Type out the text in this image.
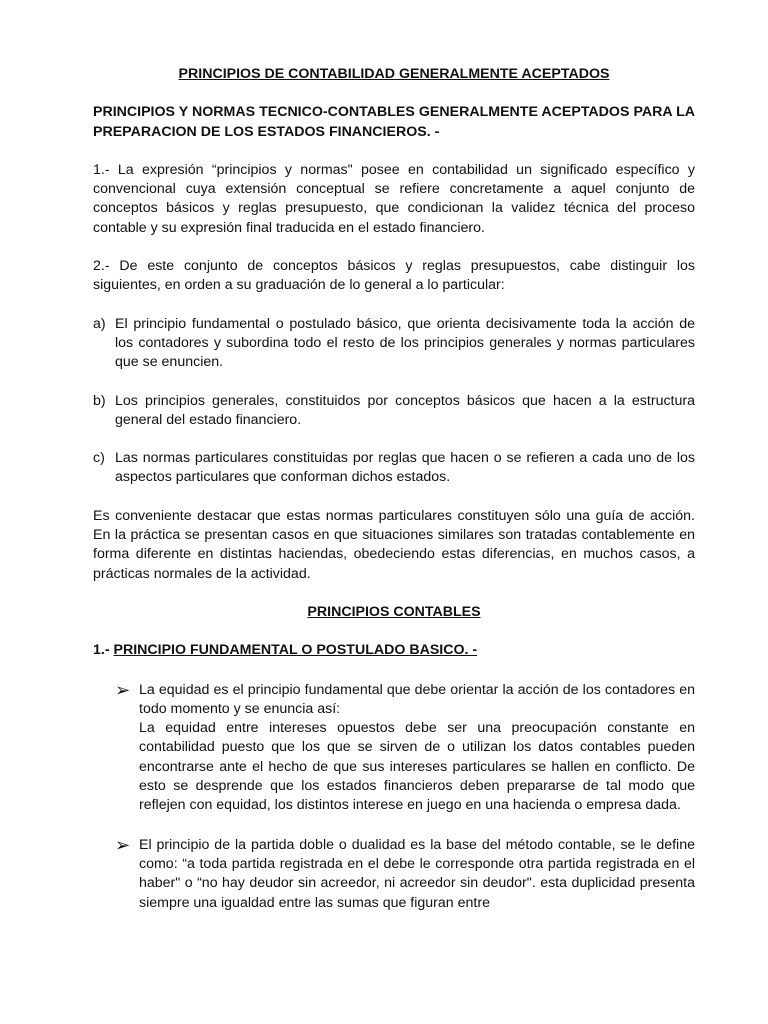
PRINCIPIOS DE CONTABILIDAD GENERALMENTE ACEPTADOS

PRINCIPIOS Y NORMAS TECNICO-CONTABLES GENERALMENTE ACEPTADOS PARA LA PREPARACION DE LOS ESTADOS FINANCIEROS. -

1.- La expresión “principios y normas" posee en contabilidad un significado específico y convencional cuya extensión conceptual se refiere concretamente a aquel conjunto de conceptos básicos y reglas presupuesto, que condicionan la validez técnica del proceso contable y su expresión final traducida en el estado financiero.

2.- De este conjunto de conceptos básicos y reglas presupuestos, cabe distinguir los siguientes, en orden a su graduación de lo general a lo particular:

a) El principio fundamental o postulado básico, que orienta decisivamente toda la acción de los contadores y subordina todo el resto de los principios generales y normas particulares que se enuncien.
b) Los principios generales, constituidos por conceptos básicos que hacen a la estructura general del estado financiero.
c) Las normas particulares constituidas por reglas que hacen o se refieren a cada uno de los aspectos particulares que conforman dichos estados.

Es conveniente destacar que estas normas particulares constituyen sólo una guía de acción. En la práctica se presentan casos en que situaciones similares son tratadas contablemente en forma diferente en distintas haciendas, obedeciendo estas diferencias, en muchos casos, a prácticas normales de la actividad.

PRINCIPIOS CONTABLES

1.- PRINCIPIO FUNDAMENTAL O POSTULADO BASICO. -

➢ La equidad es el principio fundamental que debe orientar la acción de los contadores en todo momento y se enuncia así:

La equidad entre intereses opuestos debe ser una preocupación constante en contabilidad puesto que los que se sirven de o utilizan los datos contables pueden encontrarse ante el hecho de que sus intereses particulares se hallen en conflicto. De esto se desprende que los estados financieros deben prepararse de tal modo que reflejen con equidad, los distintos interese en juego en una hacienda o empresa dada.

➢ El principio de la partida doble o dualidad es la base del método contable, se le define como: “a toda partida registrada en el debe le corresponde otra partida registrada en el haber" o “no hay deudor sin acreedor, ni acreedor sin deudor". esta duplicidad presenta siempre una igualdad entre las sumas que figuran entre
